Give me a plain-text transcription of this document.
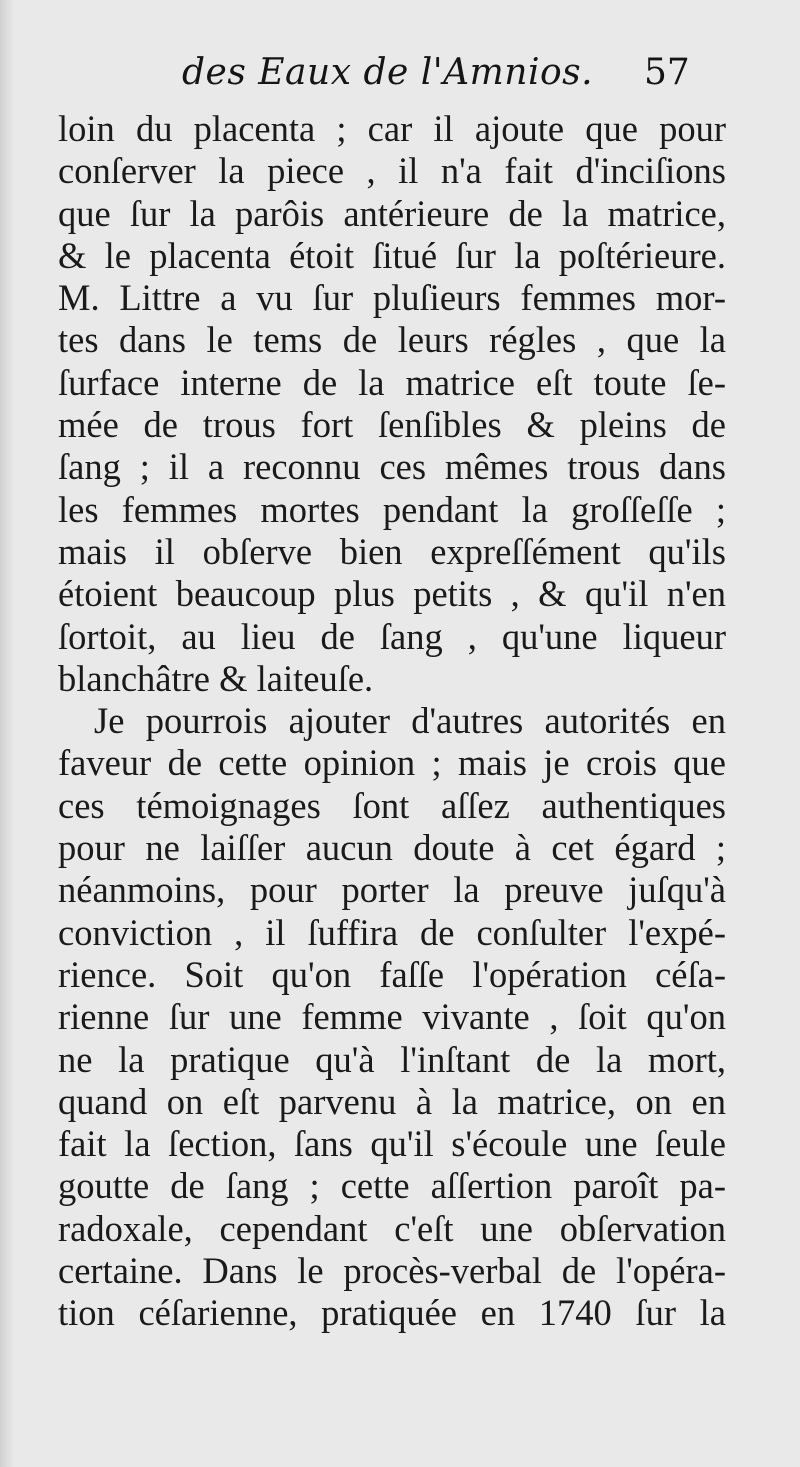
des Eaux de l'Amnios. 57
loin du placenta ; car il ajoute que pour
conſerver la piece , il n'a fait d'inciſions
que ſur la parôis antérieure de la matrice,
& le placenta étoit ſitué ſur la poſtérieure.
M. Littre a vu ſur pluſieurs femmes mor-
tes dans le tems de leurs régles , que la
ſurface interne de la matrice eſt toute ſe-
mée de trous fort ſenſibles & pleins de
ſang ; il a reconnu ces mêmes trous dans
les femmes mortes pendant la groſſeſſe ;
mais il obſerve bien expreſſément qu'ils
étoient beaucoup plus petits , & qu'il n'en
ſortoit, au lieu de ſang , qu'une liqueur
blanchâtre & laiteuſe.
Je pourrois ajouter d'autres autorités en
faveur de cette opinion ; mais je crois que
ces témoignages ſont aſſez authentiques
pour ne laiſſer aucun doute à cet égard ;
néanmoins, pour porter la preuve juſqu'à
conviction , il ſuffira de conſulter l'expé-
rience. Soit qu'on faſſe l'opération céſa-
rienne ſur une femme vivante , ſoit qu'on
ne la pratique qu'à l'inſtant de la mort,
quand on eſt parvenu à la matrice, on en
fait la ſection, ſans qu'il s'écoule une ſeule
goutte de ſang ; cette aſſertion paroît pa-
radoxale, cependant c'eſt une obſervation
certaine. Dans le procès-verbal de l'opéra-
tion céſarienne, pratiquée en 1740 ſur la
